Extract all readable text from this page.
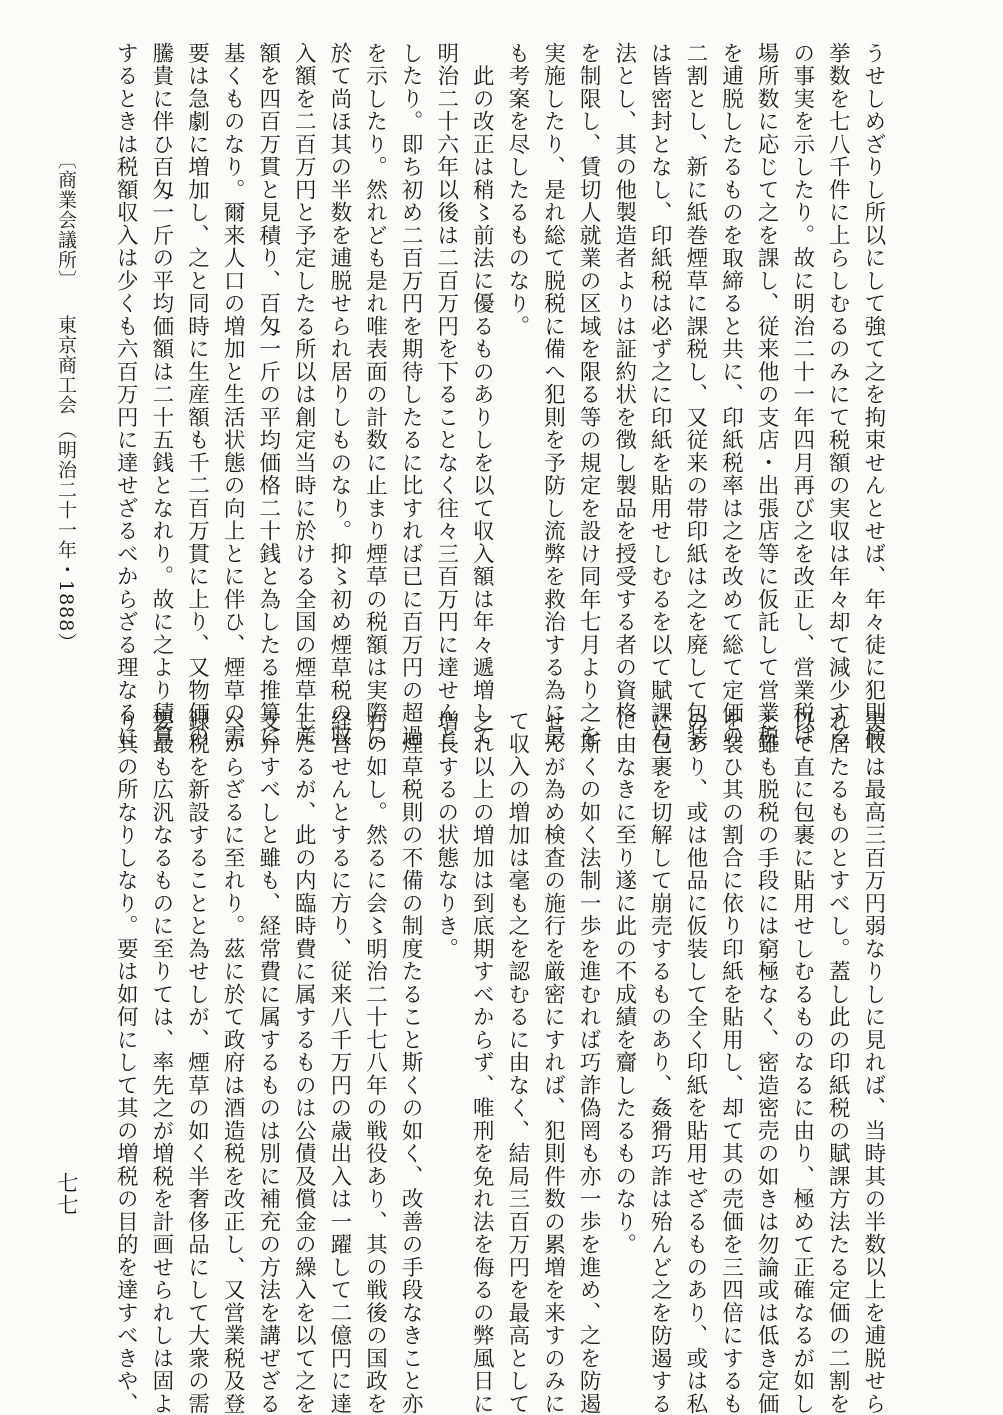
実収は最高三百万円弱なりしに見れば、当時其の半数以上を逋脱せら

れ居たるものとすべし。蓋し此の印紙税の賦課方法たる定価の二割を

以て直に包裹に貼用せしむるものなるに由り、極めて正確なるが如し

と雖も脱税の手段には窮極なく、密造密売の如きは勿論或は低き定価

を装ひ其の割合に依り印紙を貼用し、却て其の売価を三四倍にするも

のあり、或は他品に仮装して全く印紙を貼用せざるものあり、或は私

に包裹を切解して崩売するものあり、姦猾巧詐は殆んど之を防遏する

に由なきに至り遂に此の不成績を齎したるものなり。

　斯くの如く法制一歩を進むれば巧詐偽罔も亦一歩を進め、之を防遏

せんが為め検査の施行を厳密にすれば、犯則件数の累増を来すのみに

て収入の増加は毫も之を認むるに由なく、結局三百万円を最高として

之れ以上の増加は到底期すべからず、唯刑を免れ法を侮るの弊風日に

増長するの状態なりき。

　煙草税則の不備の制度たること斯くの如く、改善の手段なきこと亦

右の如し。然るに会〻明治二十七八年の戦役あり、其の戦後の国政を

経営せんとするに方り、従来八千万円の歳出入は一躍して二億円に達

したるが、此の内臨時費に属するものは公債及償金の繰入を以て之を

支弁すべしと雖も、経常費に属するものは別に補充の方法を講ぜざる

べからざるに至れり。茲に於て政府は酒造税を改正し、又営業税及登

録税を新設することと為せしが、煙草の如く半奢侈品にして大衆の需

要最も広汎なるものに至りては、率先之が増税を計画せられしは固よ

り其の所なりしなり。要は如何にして其の増税の目的を達すべきや、

うせしめざりし所以にして強て之を拘束せんとせば、年々徒に犯則検

挙数を七八千件に上らしむるのみにて税額の実収は年々却て減少する

の事実を示したり。故に明治二十一年四月再び之を改正し、営業税は

場所数に応じて之を課し、従来他の支店・出張店等に仮託して営業税

を逋脱したるものを取締ると共に、印紙税率は之を改めて総て定価の

二割とし、新に紙巻煙草に課税し、又従来の帯印紙は之を廃して包装

は皆密封となし、印紙税は必ず之に印紙を貼用せしむるを以て賦課方

法とし、其の他製造者よりは証約状を徴し製品を授受する者の資格

を制限し、賃切人就業の区域を限る等の規定を設け同年七月より之を

実施したり、是れ総て脱税に備へ犯則を予防し流弊を救治する為に最

も考案を尽したるものなり。

　此の改正は稍〻前法に優るものありしを以て収入額は年々遞増して

明治二十六年以後は二百万円を下ることなく往々三百万円に達せんと

したり。即ち初め二百万円を期待したるに比すれば已に百万円の超過

を示したり。然れども是れ唯表面の計数に止まり煙草の税額は実際に

於て尚ほ其の半数を逋脱せられ居りしものなり。抑〻初め煙草税の収

入額を二百万円と予定したる所以は創定当時に於ける全国の煙草生産

額を四百万貫と見積り、百匁一斤の平均価格二十銭と為したる推算に

基くものなり。爾来人口の増加と生活状態の向上とに伴ひ、煙草の需

要は急劇に増加し、之と同時に生産額も千二百万貫に上り、又物価の

騰貴に伴ひ百匁一斤の平均価額は二十五銭となれり。故に之より積算

するときは税額収入は少くも六百万円に達せざるべからざる理なるに

〔商業会議所〕
東京商工会
（明治二十一年・1888）
七七
